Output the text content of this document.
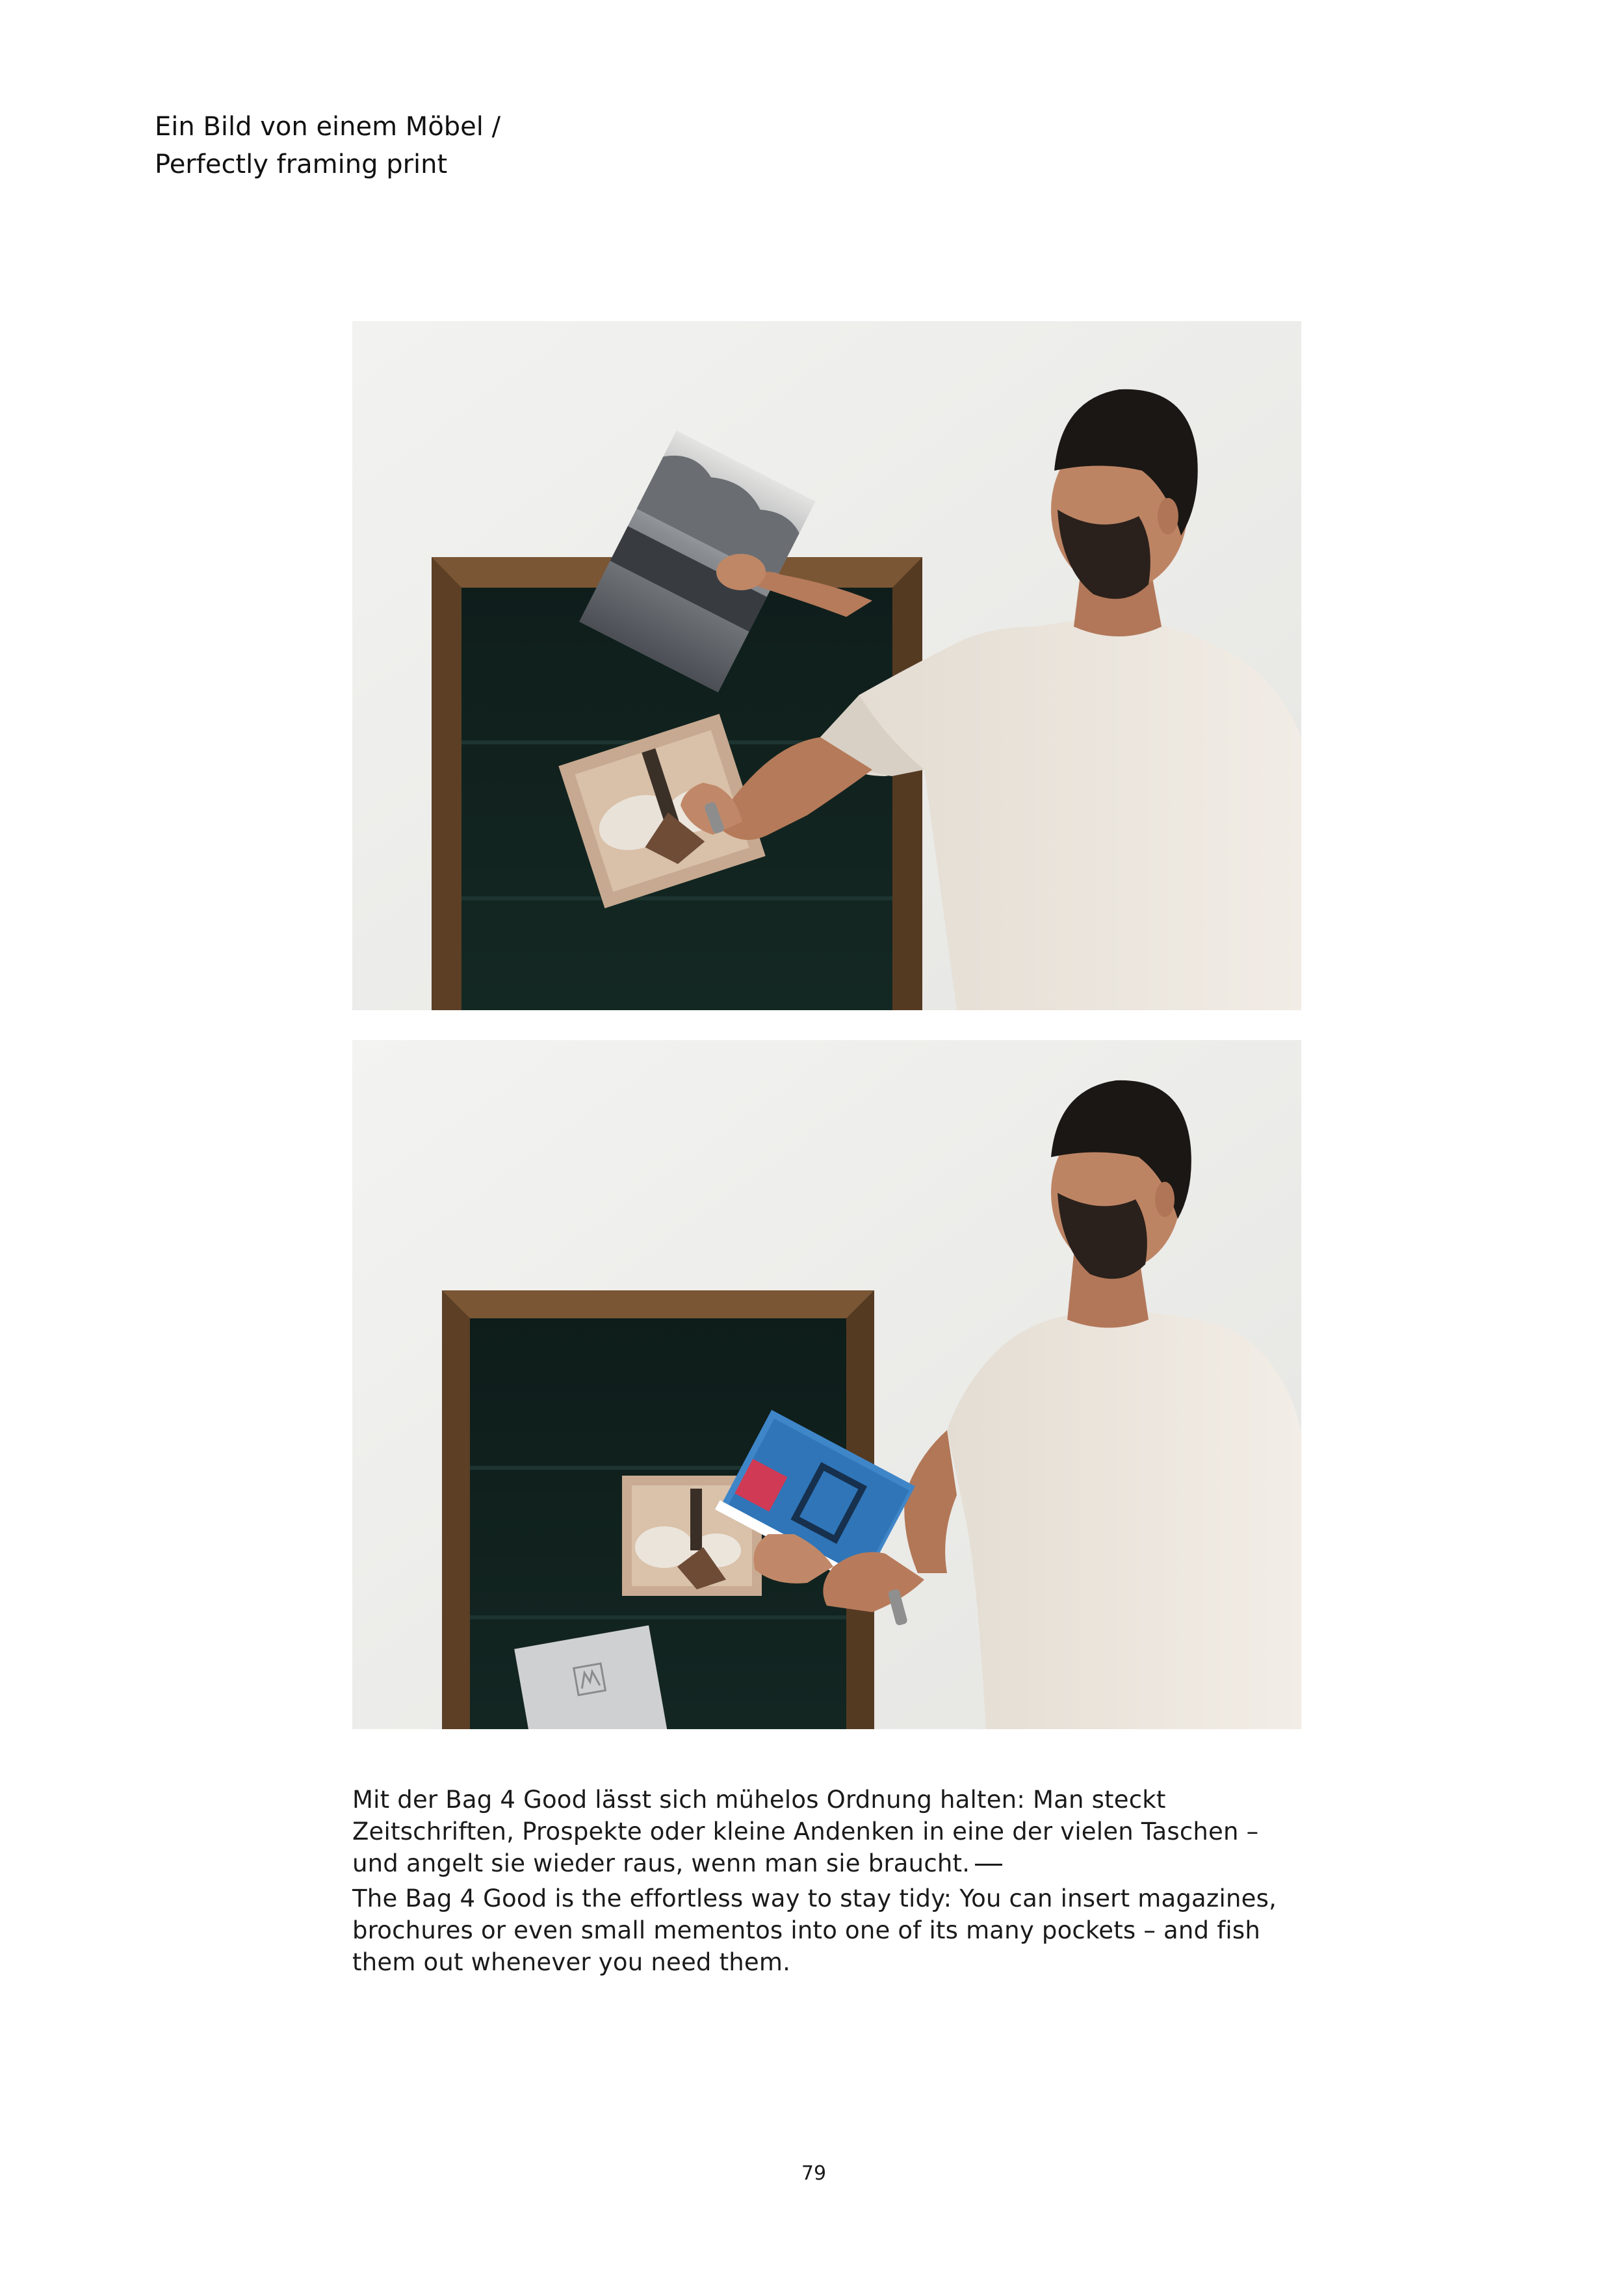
Ein Bild von einem Möbel /
Perfectly framing print

Mit der Bag 4 Good lässt sich mühelos Ordnung halten: Man steckt Zeitschriften, Prospekte oder kleine Andenken in eine der vielen Taschen – und angelt sie wieder raus, wenn man sie braucht.

The Bag 4 Good is the effortless way to stay tidy: You can insert magazines, brochures or even small mementos into one of its many pockets – and fish them out whenever you need them.

79
